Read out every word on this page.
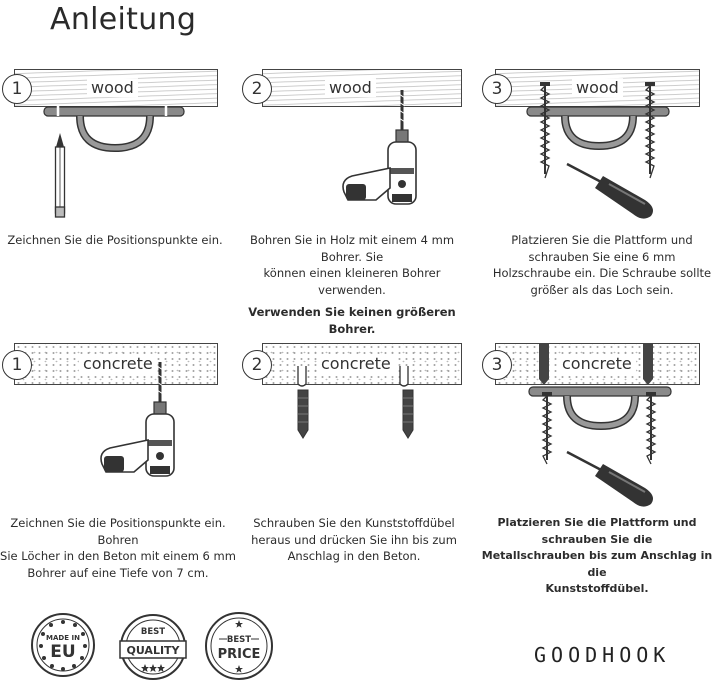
Anleitung
wood
1
Zeichnen Sie die Positionspunkte ein.
wood
2
Bohren Sie in Holz mit einem 4 mm Bohrer. Sie
können einen kleineren Bohrer verwenden.
Verwenden Sie keinen größeren Bohrer.
wood
3
Platzieren Sie die Plattform und
schrauben Sie eine 6 mm
Holzschraube ein. Die Schraube sollte
größer als das Loch sein.
concrete
1
Zeichnen Sie die Positionspunkte ein. Bohren
Sie Löcher in den Beton mit einem 6 mm
Bohrer auf eine Tiefe von 7 cm.
concrete
2
Schrauben Sie den Kunststoffdübel
heraus und drücken Sie ihn bis zum
Anschlag in den Beton.
concrete
3
Platzieren Sie die Plattform und schrauben Sie die
Metallschrauben bis zum Anschlag in die
Kunststoffdübel.
MADE IN
EU
BEST
QUALITY
BEST
PRICE	GOODHOOK
